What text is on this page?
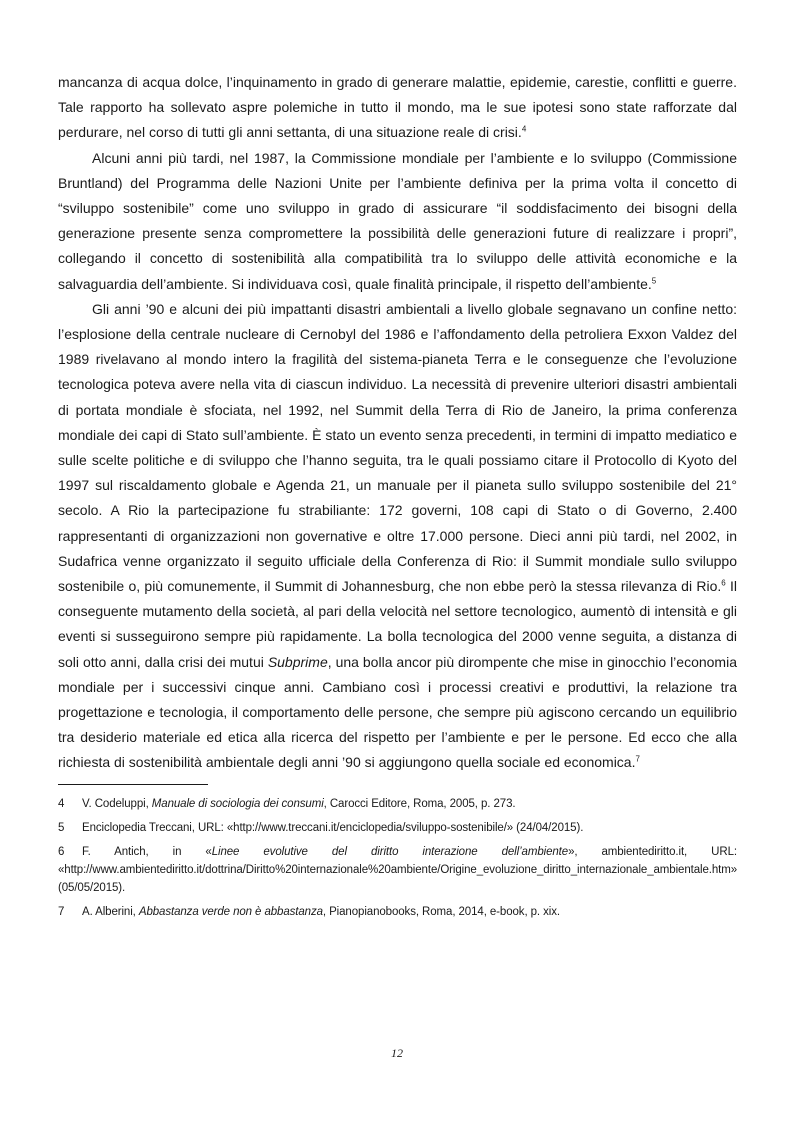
mancanza di acqua dolce, l’inquinamento in grado di generare malattie, epidemie, carestie, conflitti e guerre. Tale rapporto ha sollevato aspre polemiche in tutto il mondo, ma le sue ipotesi sono state rafforzate dal perdurare, nel corso di tutti gli anni settanta, di una situazione reale di crisi.$^4$

Alcuni anni più tardi, nel 1987, la Commissione mondiale per l’ambiente e lo sviluppo (Commissione Bruntland) del Programma delle Nazioni Unite per l’ambiente definiva per la prima volta il concetto di “sviluppo sostenibile” come uno sviluppo in grado di assicurare “il soddisfacimento dei bisogni della generazione presente senza compromettere la possibilità delle generazioni future di realizzare i propri”, collegando il concetto di sostenibilità alla compatibilità tra lo sviluppo delle attività economiche e la salvaguardia dell’ambiente. Si individuava così, quale finalità principale, il rispetto dell’ambiente.$^5$

Gli anni ’90 e alcuni dei più impattanti disastri ambientali a livello globale segnavano un confine netto: l’esplosione della centrale nucleare di Cernobyl del 1986 e l’affondamento della petroliera Exxon Valdez del 1989 rivelavano al mondo intero la fragilità del sistema-pianeta Terra e le conseguenze che l’evoluzione tecnologica poteva avere nella vita di ciascun individuo. La necessità di prevenire ulteriori disastri ambientali di portata mondiale è sfociata, nel 1992, nel Summit della Terra di Rio de Janeiro, la prima conferenza mondiale dei capi di Stato sull’ambiente. È stato un evento senza precedenti, in termini di impatto mediatico e sulle scelte politiche e di sviluppo che l’hanno seguita, tra le quali possiamo citare il Protocollo di Kyoto del 1997 sul riscaldamento globale e Agenda 21, un manuale per il pianeta sullo sviluppo sostenibile del 21° secolo. A Rio la partecipazione fu strabiliante: 172 governi, 108 capi di Stato o di Governo, 2.400 rappresentanti di organizzazioni non governative e oltre 17.000 persone. Dieci anni più tardi, nel 2002, in Sudafrica venne organizzato il seguito ufficiale della Conferenza di Rio: il Summit mondiale sullo sviluppo sostenibile o, più comunemente, il Summit di Johannesburg, che non ebbe però la stessa rilevanza di Rio.$^6$ Il conseguente mutamento della società, al pari della velocità nel settore tecnologico, aumentò di intensità e gli eventi si susseguirono sempre più rapidamente. La bolla tecnologica del 2000 venne seguita, a distanza di soli otto anni, dalla crisi dei mutui Subprime, una bolla ancor più dirompente che mise in ginocchio l’economia mondiale per i successivi cinque anni. Cambiano così i processi creativi e produttivi, la relazione tra progettazione e tecnologia, il comportamento delle persone, che sempre più agiscono cercando un equilibrio tra desiderio materiale ed etica alla ricerca del rispetto per l’ambiente e per le persone. Ed ecco che alla richiesta di sostenibilità ambientale degli anni ’90 si aggiungono quella sociale ed economica.$^7$

4 V. Codeluppi, Manuale di sociologia dei consumi, Carocci Editore, Roma, 2005, p. 273.
5 Enciclopedia Treccani, URL: «http://www.treccani.it/enciclopedia/sviluppo-sostenibile/» (24/04/2015).
6 F. Antich, in «Linee evolutive del diritto interazione dell’ambiente», ambientediritto.it, URL: «http://www.ambientediritto.it/dottrina/Diritto%20internazionale%20ambiente/Origine_evoluzione_diritto_internazionale_ambientale.htm» (05/05/2015).
7 A. Alberini, Abbastanza verde non è abbastanza, Pianopianobooks, Roma, 2014, e-book, p. xix.
12
